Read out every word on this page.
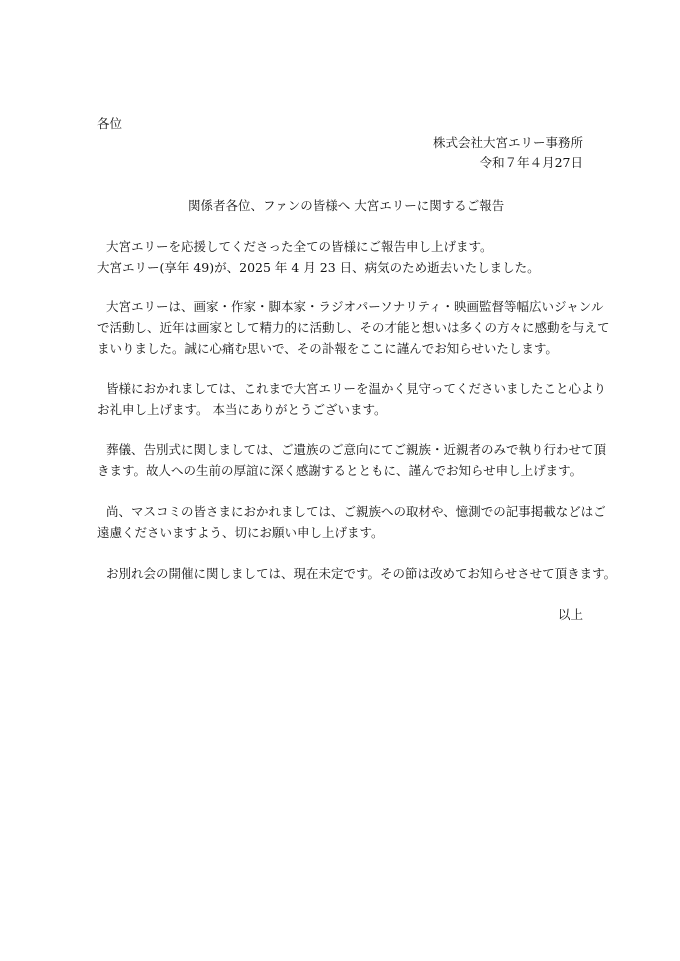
各位
株式会社大宮エリー事務所
令和７年４月27日
関係者各位、ファンの皆様へ 大宮エリーに関するご報告
大宮エリーを応援してくださった全ての皆様にご報告申し上げます。
大宮エリー(享年 49)が、2025 年 4 月 23 日、病気のため逝去いたしました。
大宮エリーは、画家・作家・脚本家・ラジオパーソナリティ・映画監督等幅広いジャンル
で活動し、近年は画家として精力的に活動し、その才能と想いは多くの方々に感動を与えて
まいりました。誠に心痛む思いで、その訃報をここに謹んでお知らせいたします。
皆様におかれましては、これまで大宮エリーを温かく見守ってくださいましたこと心より
お礼申し上げます。 本当にありがとうございます。
葬儀、告別式に関しましては、ご遺族のご意向にてご親族・近親者のみで執り行わせて頂
きます。故人への生前の厚誼に深く感謝するとともに、謹んでお知らせ申し上げます。
尚、マスコミの皆さまにおかれましては、ご親族への取材や、憶測での記事掲載などはご
遠慮くださいますよう、切にお願い申し上げます。
お別れ会の開催に関しましては、現在未定です。その節は改めてお知らせさせて頂きます。
以上
